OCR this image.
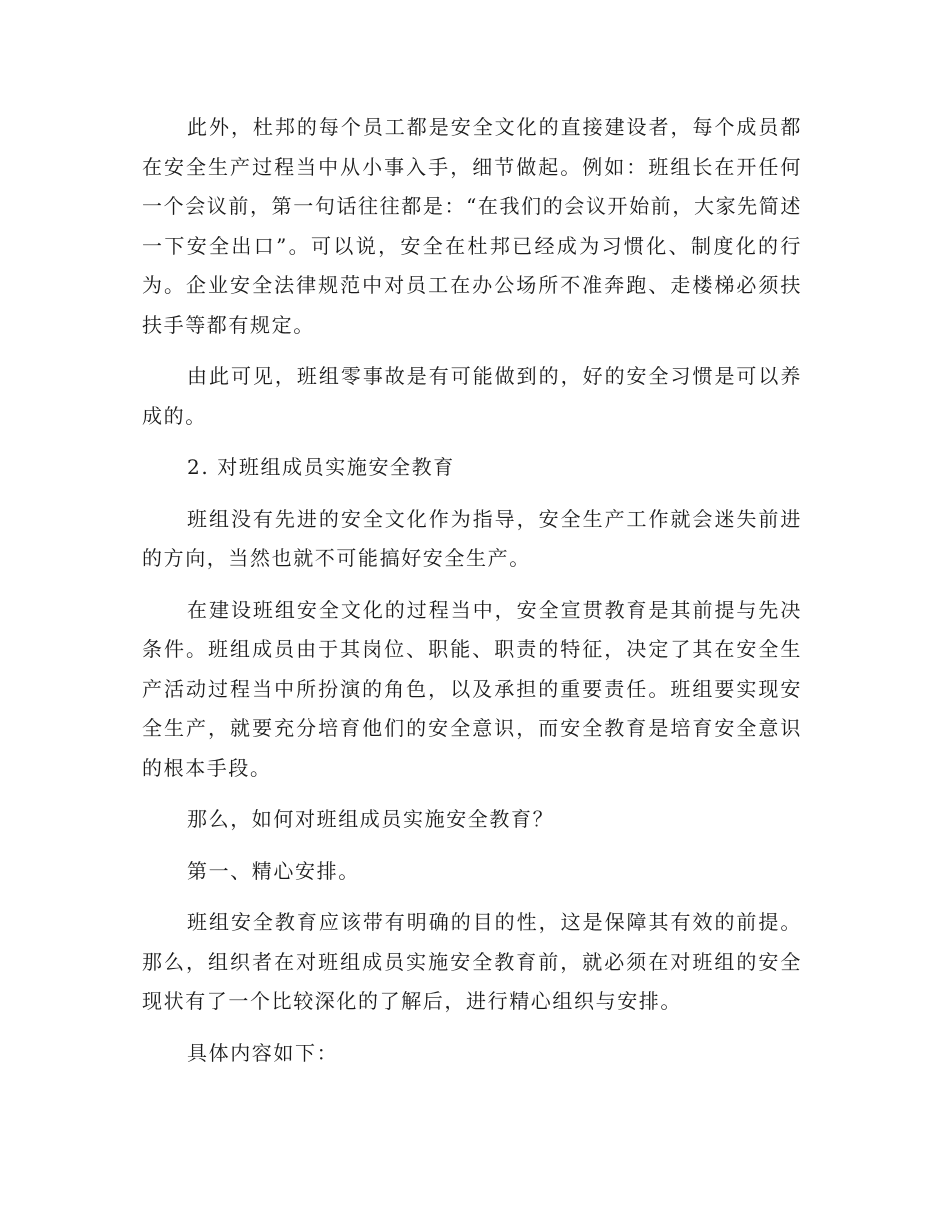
此外，杜邦的每个员工都是安全文化的直接建设者，每个成员都在安全生产过程当中从小事入手，细节做起。例如：班组长在开任何一个会议前，第一句话往往都是：“在我们的会议开始前，大家先简述一下安全出口”。可以说，安全在杜邦已经成为习惯化、制度化的行为。企业安全法律规范中对员工在办公场所不准奔跑、走楼梯必须扶扶手等都有规定。

由此可见，班组零事故是有可能做到的，好的安全习惯是可以养成的。

2. 对班组成员实施安全教育

班组没有先进的安全文化作为指导，安全生产工作就会迷失前进的方向，当然也就不可能搞好安全生产。

在建设班组安全文化的过程当中，安全宣贯教育是其前提与先决条件。班组成员由于其岗位、职能、职责的特征，决定了其在安全生产活动过程当中所扮演的角色，以及承担的重要责任。班组要实现安全生产，就要充分培育他们的安全意识，而安全教育是培育安全意识的根本手段。

那么，如何对班组成员实施安全教育？

第一、精心安排。

班组安全教育应该带有明确的目的性，这是保障其有效的前提。那么，组织者在对班组成员实施安全教育前，就必须在对班组的安全现状有了一个比较深化的了解后，进行精心组织与安排。

具体内容如下：
